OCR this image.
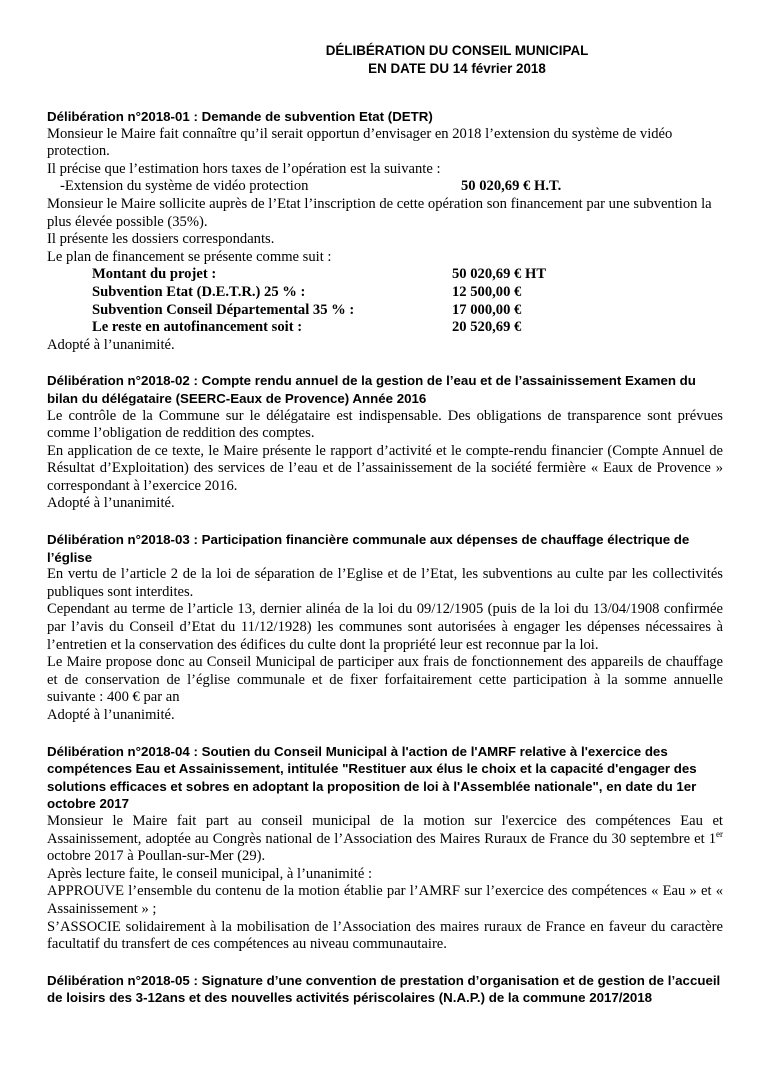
DÉLIBÉRATION DU CONSEIL MUNICIPAL
EN DATE DU 14 février 2018

Délibération n°2018-01 : Demande de subvention Etat (DETR)

Monsieur le Maire fait connaître qu’il serait opportun d’envisager en 2018 l’extension du système de vidéo protection.

Il précise que l’estimation hors taxes de l’opération est la suivante :

-Extension du système de vidéo protection	50 020,69 € H.T.

Monsieur le Maire sollicite auprès de l’Etat l’inscription de cette opération son financement par une subvention la plus élevée possible (35%).

Il présente les dossiers correspondants.

Le plan de financement se présente comme suit :

Montant du projet :	50 020,69 € HT
Subvention Etat (D.E.T.R.) 25 % :	12 500,00 €
Subvention Conseil Départemental 35 % :	17 000,00 €
Le reste en autofinancement soit :	20 520,69 €

Adopté à l’unanimité.

Délibération n°2018-02 : Compte rendu annuel de la gestion de l’eau et de l’assainissement Examen du bilan du délégataire (SEERC-Eaux de Provence) Année 2016

Le contrôle de la Commune sur le délégataire est indispensable. Des obligations de transparence sont prévues comme l’obligation de reddition des comptes.

En application de ce texte, le Maire présente le rapport d’activité et le compte-rendu financier (Compte Annuel de Résultat d’Exploitation) des services de l’eau et de l’assainissement de la société fermière « Eaux de Provence » correspondant à l’exercice 2016.

Adopté à l’unanimité.

Délibération n°2018-03 : Participation financière communale aux dépenses de chauffage électrique de l’église

En vertu de l’article 2 de la loi de séparation de l’Eglise et de l’Etat, les subventions au culte par les collectivités publiques sont interdites.

Cependant au terme de l’article 13, dernier alinéa de la loi du 09/12/1905 (puis de la loi du 13/04/1908 confirmée par l’avis du Conseil d’Etat du 11/12/1928) les communes sont autorisées à engager les dépenses nécessaires à l’entretien et la conservation des édifices du culte dont la propriété leur est reconnue par la loi.

Le Maire propose donc au Conseil Municipal de participer aux frais de fonctionnement des appareils de chauffage et de conservation de l’église communale et de fixer forfaitairement cette participation à la somme annuelle suivante : 400 € par an

Adopté à l’unanimité.

Délibération n°2018-04 : Soutien du Conseil Municipal à l'action de l'AMRF relative à l'exercice des compétences Eau et Assainissement, intitulée "Restituer aux élus le choix et la capacité d'engager des solutions efficaces et sobres en adoptant la proposition de loi à l'Assemblée nationale", en date du 1er octobre 2017

Monsieur le Maire fait part au conseil municipal de la motion sur l'exercice des compétences Eau et Assainissement, adoptée au Congrès national de l’Association des Maires Ruraux de France du 30 septembre et 1er octobre 2017 à Poullan-sur-Mer (29).

Après lecture faite, le conseil municipal, à l’unanimité :

APPROUVE l’ensemble du contenu de la motion établie par l’AMRF sur l’exercice des compétences « Eau » et « Assainissement » ;

S’ASSOCIE solidairement à la mobilisation de l’Association des maires ruraux de France en faveur du caractère facultatif du transfert de ces compétences au niveau communautaire.

Délibération n°2018-05 : Signature d’une convention de prestation d’organisation et de gestion de l’accueil de loisirs des 3-12ans et des nouvelles activités périscolaires (N.A.P.) de la commune 2017/2018
